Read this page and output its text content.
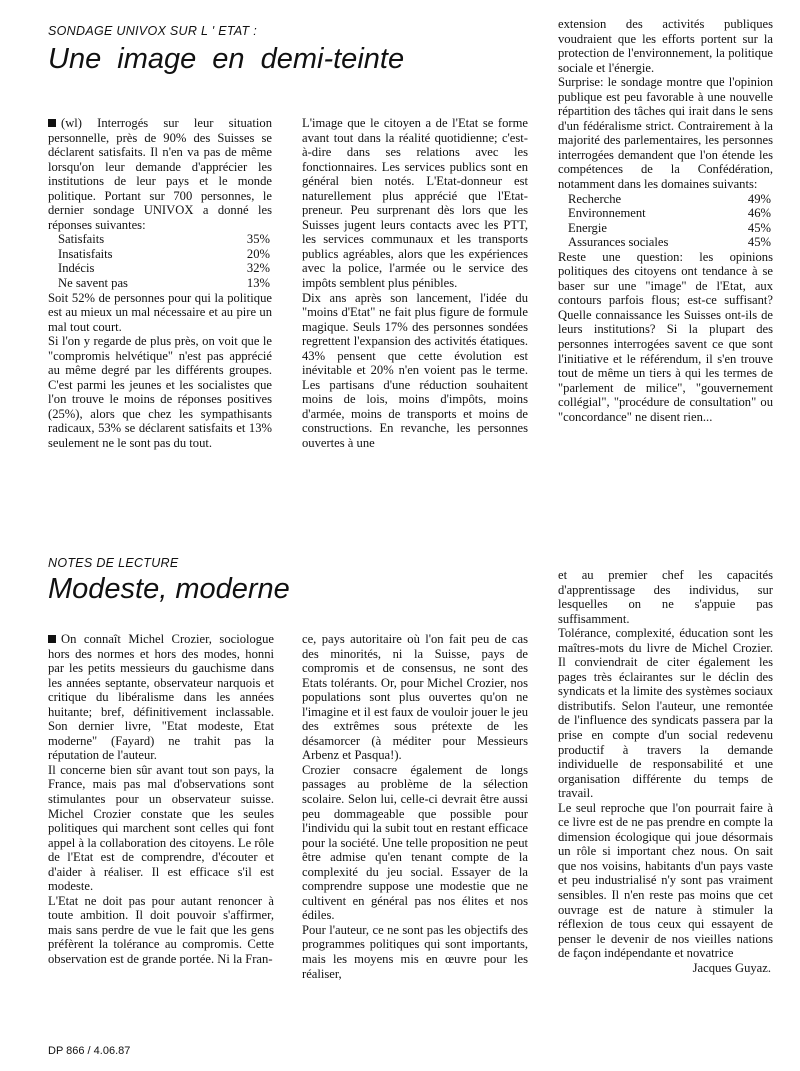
SONDAGE UNIVOX SUR L ' ETAT :
Une image en demi-teinte

(wl) Interrogés sur leur situation personnelle, près de 90% des Suisses se déclarent satisfaits. Il n'en va pas de même lorsqu'on leur demande d'apprécier les institutions de leur pays et le monde politique. Portant sur 700 personnes, le dernier sondage UNIVOX a donné les réponses suivantes:

Satisfaits	35%
Insatisfaits	20%
Indécis	32%
Ne savent pas	13%

Soit 52% de personnes pour qui la politique est au mieux un mal nécessaire et au pire un mal tout court.

Si l'on y regarde de plus près, on voit que le "compromis helvétique" n'est pas apprécié au même degré par les différents groupes. C'est parmi les jeunes et les socialistes que l'on trouve le moins de réponses positives (25%), alors que chez les sympathisants radicaux, 53% se déclarent satisfaits et 13% seulement ne le sont pas du tout.

L'image que le citoyen a de l'Etat se forme avant tout dans la réalité quotidienne; c'est-à-dire dans ses relations avec les fonctionnaires. Les services publics sont en général bien notés. L'Etat-donneur est naturellement plus apprécié que l'Etat-preneur. Peu surprenant dès lors que les Suisses jugent leurs contacts avec les PTT, les services communaux et les transports publics agréables, alors que les expériences avec la police, l'armée ou le service des impôts semblent plus pénibles.

Dix ans après son lancement, l'idée du "moins d'Etat" ne fait plus figure de formule magique. Seuls 17% des personnes sondées regrettent l'expansion des activités étatiques. 43% pensent que cette évolution est inévitable et 20% n'en voient pas le terme. Les partisans d'une réduction souhaitent moins de lois, moins d'impôts, moins d'armée, moins de transports et moins de constructions. En revanche, les personnes ouvertes à une

extension des activités publiques voudraient que les efforts portent sur la protection de l'environnement, la politique sociale et l'énergie.

Surprise: le sondage montre que l'opinion publique est peu favorable à une nouvelle répartition des tâches qui irait dans le sens d'un fédéralisme strict. Contrairement à la majorité des parlementaires, les personnes interrogées demandent que l'on étende les compétences de la Confédération, notamment dans les domaines suivants:

Recherche	49%
Environnement	46%
Energie	45%
Assurances sociales	45%

Reste une question: les opinions politiques des citoyens ont tendance à se baser sur une "image" de l'Etat, aux contours parfois flous; est-ce suffisant? Quelle connaissance les Suisses ont-ils de leurs institutions? Si la plupart des personnes interrogées savent ce que sont l'initiative et le référendum, il s'en trouve tout de même un tiers à qui les termes de "parlement de milice", "gouvernement collégial", "procédure de consultation" ou "concordance" ne disent rien...

NOTES DE LECTURE
Modeste, moderne

On connaît Michel Crozier, sociologue hors des normes et hors des modes, honni par les petits messieurs du gauchisme dans les années septante, observateur narquois et critique du libéralisme dans les années huitante; bref, définitivement inclassable. Son dernier livre, "Etat modeste, Etat moderne" (Fayard) ne trahit pas la réputation de l'auteur.

Il concerne bien sûr avant tout son pays, la France, mais pas mal d'observations sont stimulantes pour un observateur suisse. Michel Crozier constate que les seules politiques qui marchent sont celles qui font appel à la collaboration des citoyens. Le rôle de l'Etat est de comprendre, d'écouter et d'aider à réaliser. Il est efficace s'il est modeste.

L'Etat ne doit pas pour autant renoncer à toute ambition. Il doit pouvoir s'affirmer, mais sans perdre de vue le fait que les gens préfèrent la tolérance au compromis. Cette observation est de grande portée. Ni la Fran-

ce, pays autoritaire où l'on fait peu de cas des minorités, ni la Suisse, pays de compromis et de consensus, ne sont des Etats tolérants. Or, pour Michel Crozier, nos populations sont plus ouvertes qu'on ne l'imagine et il est faux de vouloir jouer le jeu des extrêmes sous prétexte de les désamorcer (à méditer pour Messieurs Arbenz et Pasqua!).

Crozier consacre également de longs passages au problème de la sélection scolaire. Selon lui, celle-ci devrait être aussi peu dommageable que possible pour l'individu qui la subit tout en restant efficace pour la société. Une telle proposition ne peut être admise qu'en tenant compte de la complexité du jeu social. Essayer de la comprendre suppose une modestie que ne cultivent en général pas nos élites et nos édiles.

Pour l'auteur, ce ne sont pas les objectifs des programmes politiques qui sont importants, mais les moyens mis en œuvre pour les réaliser,

et au premier chef les capacités d'apprentissage des individus, sur lesquelles on ne s'appuie pas suffisamment.

Tolérance, complexité, éducation sont les maîtres-mots du livre de Michel Crozier. Il conviendrait de citer également les pages très éclairantes sur le déclin des syndicats et la limite des systèmes sociaux distributifs. Selon l'auteur, une remontée de l'influence des syndicats passera par la prise en compte d'un social redevenu productif à travers la demande individuelle de responsabilité et une organisation différente du temps de travail.

Le seul reproche que l'on pourrait faire à ce livre est de ne pas prendre en compte la dimension écologique qui joue désormais un rôle si important chez nous. On sait que nos voisins, habitants d'un pays vaste et peu industrialisé n'y sont pas vraiment sensibles. Il n'en reste pas moins que cet ouvrage est de nature à stimuler la réflexion de tous ceux qui essayent de penser le devenir de nos vieilles nations de façon indépendante et novatrice

Jacques Guyaz.

DP 866 / 4.06.87
